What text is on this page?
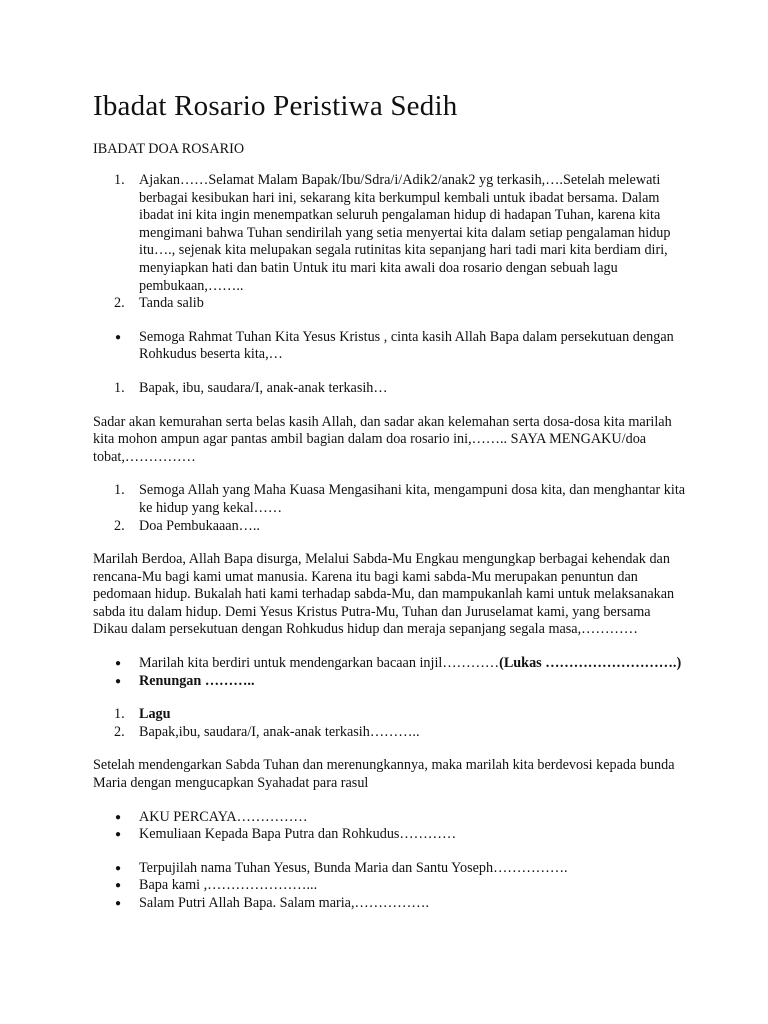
Ibadat Rosario Peristiwa Sedih
IBADAT DOA ROSARIO
1. Ajakan……Selamat Malam Bapak/Ibu/Sdra/i/Adik2/anak2 yg terkasih,….Setelah melewati berbagai kesibukan hari ini, sekarang kita berkumpul kembali untuk ibadat bersama. Dalam ibadat ini kita ingin menempatkan seluruh pengalaman hidup di hadapan Tuhan, karena kita mengimani bahwa Tuhan sendirilah yang setia menyertai kita dalam setiap pengalaman hidup itu…., sejenak kita melupakan segala rutinitas kita sepanjang hari tadi mari kita berdiam diri, menyiapkan hati dan batin Untuk itu mari kita awali doa rosario dengan sebuah lagu pembukaan,……..
2. Tanda salib
● Semoga Rahmat Tuhan Kita Yesus Kristus , cinta kasih Allah Bapa dalam persekutuan dengan Rohkudus beserta kita,…
1. Bapak, ibu, saudara/I, anak-anak terkasih…

Sadar akan kemurahan serta belas kasih Allah, dan sadar akan kelemahan serta dosa-dosa kita marilah kita mohon ampun agar pantas ambil bagian dalam doa rosario ini,…….. SAYA MENGAKU/doa tobat,……………

1. Semoga Allah yang Maha Kuasa Mengasihani kita, mengampuni dosa kita, dan menghantar kita ke hidup yang kekal……
2. Doa Pembukaaan…..

Marilah Berdoa, Allah Bapa disurga, Melalui Sabda-Mu Engkau mengungkap berbagai kehendak dan rencana-Mu bagi kami umat manusia. Karena itu bagi kami sabda-Mu merupakan penuntun dan pedomaan hidup. Bukalah hati kami terhadap sabda-Mu, dan mampukanlah kami untuk melaksanakan sabda itu dalam hidup. Demi Yesus Kristus Putra-Mu, Tuhan dan Juruselamat kami, yang bersama Dikau dalam persekutuan dengan Rohkudus hidup dan meraja sepanjang segala masa,…………

● Marilah kita berdiri untuk mendengarkan bacaan injil…………(Lukas ……………………….)
● Renungan ………..
1. Lagu
2. Bapak,ibu, saudara/I, anak-anak terkasih………..

Setelah mendengarkan Sabda Tuhan dan merenungkannya, maka marilah kita berdevosi kepada bunda Maria dengan mengucapkan Syahadat para rasul

● AKU PERCAYA……………
● Kemuliaan Kepada Bapa Putra dan Rohkudus…………
● Terpujilah nama Tuhan Yesus, Bunda Maria dan Santu Yoseph…………….
● Bapa kami ,…………………...
● Salam Putri Allah Bapa. Salam maria,…………….
